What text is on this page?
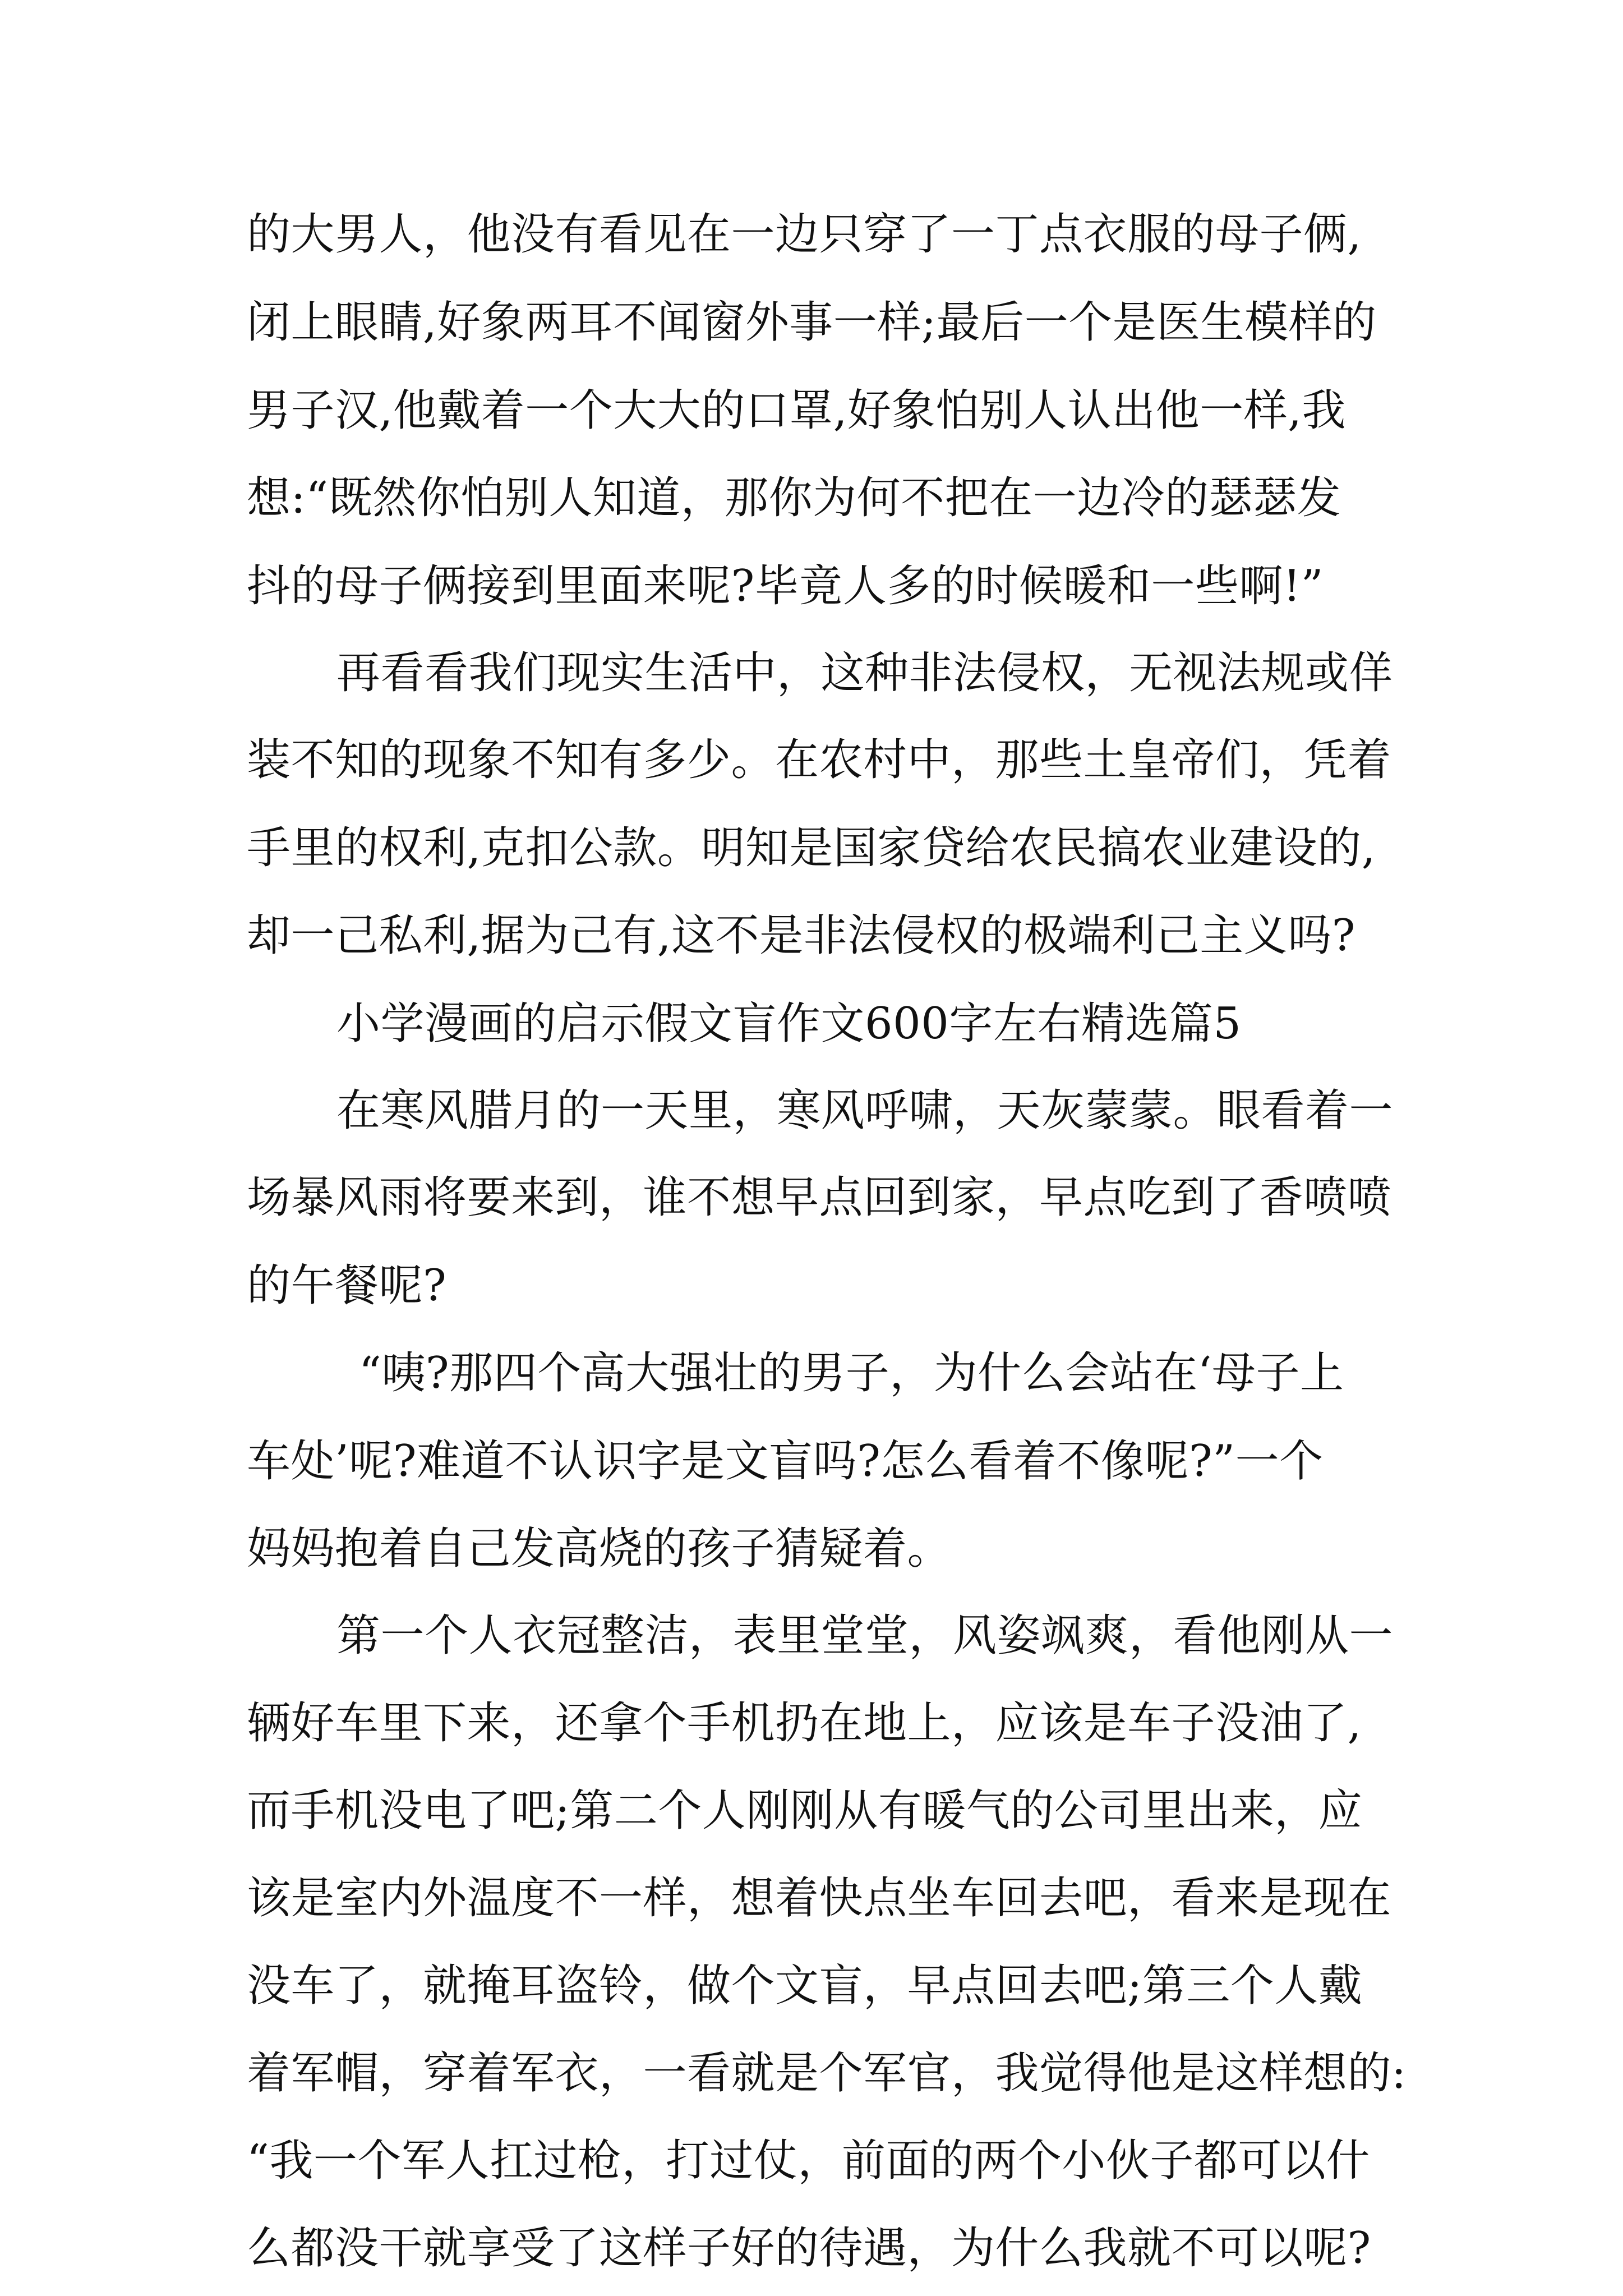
的大男人，他没有看见在一边只穿了一丁点衣服的母子俩,
闭上眼睛,好象两耳不闻窗外事一样;最后一个是医生模样的
男子汉,他戴着一个大大的口罩,好象怕别人认出他一样,我
想:“既然你怕别人知道，那你为何不把在一边冷的瑟瑟发
抖的母子俩接到里面来呢?毕竟人多的时候暖和一些啊!”
再看看我们现实生活中，这种非法侵权，无视法规或佯
装不知的现象不知有多少。在农村中，那些土皇帝们，凭着
手里的权利,克扣公款。明知是国家贷给农民搞农业建设的,
却一己私利,据为己有,这不是非法侵权的极端利己主义吗?
小学漫画的启示假文盲作文600字左右精选篇5
在寒风腊月的一天里，寒风呼啸，天灰蒙蒙。眼看着一
场暴风雨将要来到，谁不想早点回到家，早点吃到了香喷喷
的午餐呢?
“咦?那四个高大强壮的男子，为什么会站在‘母子上
车处’呢?难道不认识字是文盲吗?怎么看着不像呢?”一个
妈妈抱着自己发高烧的孩子猜疑着。
第一个人衣冠整洁，表里堂堂，风姿飒爽，看他刚从一
辆好车里下来，还拿个手机扔在地上，应该是车子没油了,
而手机没电了吧;第二个人刚刚从有暖气的公司里出来，应
该是室内外温度不一样，想着快点坐车回去吧，看来是现在
没车了，就掩耳盗铃，做个文盲，早点回去吧;第三个人戴
着军帽，穿着军衣，一看就是个军官，我觉得他是这样想的:
“我一个军人扛过枪，打过仗，前面的两个小伙子都可以什
么都没干就享受了这样子好的待遇，为什么我就不可以呢?
